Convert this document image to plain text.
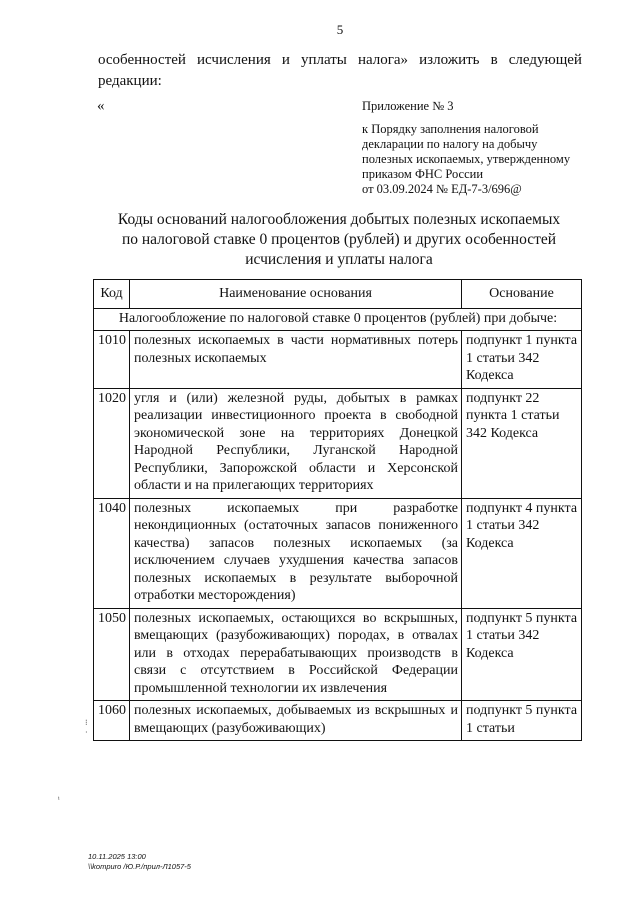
5
особенностей исчисления и уплаты налога» изложить в следующей
редакции:
«	Приложение № 3
к Порядку заполнения налоговой
декларации по налогу на добычу
полезных ископаемых, утвержденному
приказом ФНС России
от 03.09.2024 № ЕД-7-3/696@
Коды оснований налогообложения добытых полезных ископаемых
по налоговой ставке 0 процентов (рублей) и других особенностей
исчисления и уплаты налога
Код	Наименование основания	Основание
Налогообложение по налоговой ставке 0 процентов (рублей) при добыче:		
1010	полезных ископаемых в части нормативных потерь полезных ископаемых	подпункт 1 пункта 1 статьи 342 Кодекса
1020	угля и (или) железной руды, добытых в рамках реализации инвестиционного проекта в свободной экономической зоне на территориях Донецкой Народной Республики, Луганской Народной Республики, Запорожской области и Херсонской области и на прилегающих территориях	подпункт 22 пункта 1 статьи 342 Кодекса
1040	полезных ископаемых при разработке некондиционных (остаточных запасов пониженного качества) запасов полезных ископаемых (за исключением случаев ухудшения качества запасов полезных ископаемых в результате выборочной отработки месторождения)	подпункт 4 пункта 1 статьи 342 Кодекса
1050	полезных ископаемых, остающихся во вскрышных, вмещающих (разубоживающих) породах, в отвалах или в отходах перерабатывающих производств в связи с отсутствием в Российской Федерации промышленной технологии их извлечения	подпункт 5 пункта 1 статьи 342 Кодекса
1060	полезных ископаемых, добываемых из вскрышных и вмещающих (разубоживающих)	подпункт 5 пункта 1 статьи
⁝
·
ⁱ
10.11.2025 13:00
\\kompuro /Ю.Р./прил-Л1057-5
